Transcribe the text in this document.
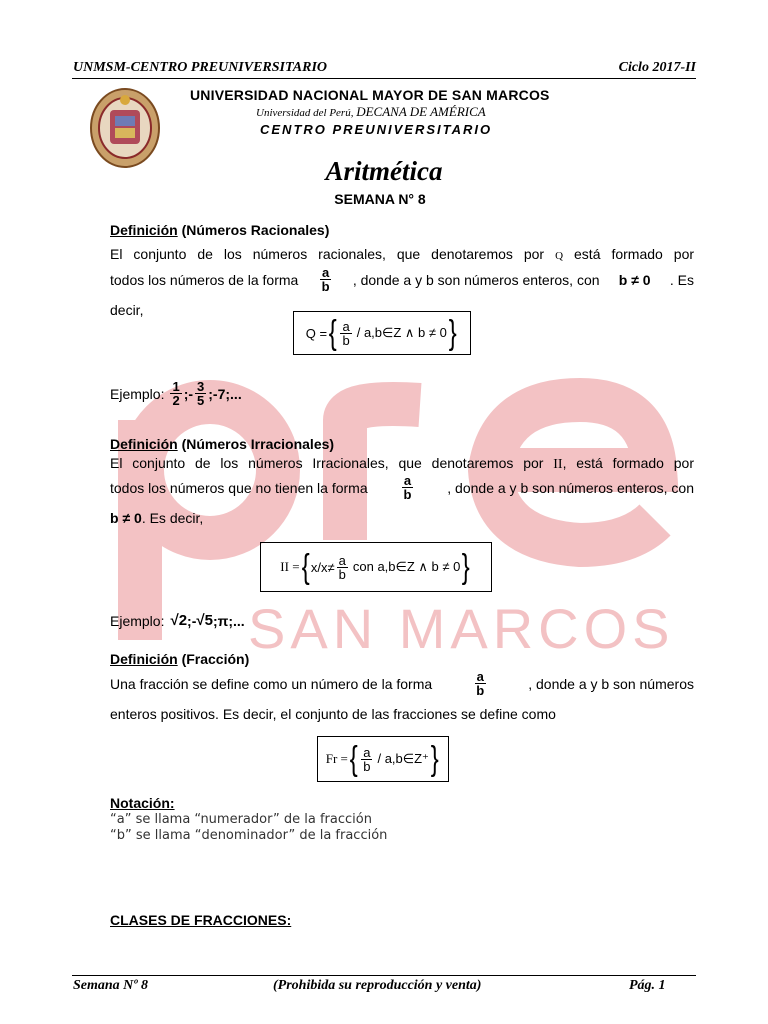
SAN MARCOS
UNMSM-CENTRO PREUNIVERSITARIO	Ciclo 2017-II
UNIVERSIDAD NACIONAL MAYOR DE SAN MARCOS
Universidad del Perú, DECANA DE AMÉRICA
CENTRO PREUNIVERSITARIO
Aritmética
SEMANA N° 8
Definición (Números Racionales)
El conjunto de los números racionales, que denotaremos por Q está formado por
todos los números de la forma $\frac{a}{b}$ , donde a y b son números enteros, con b ≠ 0 . Es
decir,
Q = { $\frac{a}{b}$ / a,b∈Z ∧ b ≠ 0 }
Ejemplo: $\frac{1}{2}$ ;- $\frac{3}{5}$ ;-7;...
Definición (Números Irracionales)
El conjunto de los números Irracionales, que denotaremos por II, está formado por
todos los números que no tienen la forma	$\frac{a}{b}$ , donde a y b son números enteros, con
b ≠ 0. Es decir,
II = { $x/x\ne \frac{a}{b}$ con a,b∈Z ∧ b ≠ 0 }
Ejemplo: √2 ;- √5 ;π;...
Definición (Fracción)
Una fracción se define como un número de la forma	$\frac{a}{b}$	, donde a y b son números
enteros positivos. Es decir, el conjunto de las fracciones se define como
Fr = { $\frac{a}{b}$ / a,b∈Z⁺ }
Notación:
“a” se llama “numerador” de la fracción
“b” se llama “denominador” de la fracción
CLASES DE FRACCIONES:
Semana Nº 8	(Prohibida su reproducción y venta)	Pág. 1
